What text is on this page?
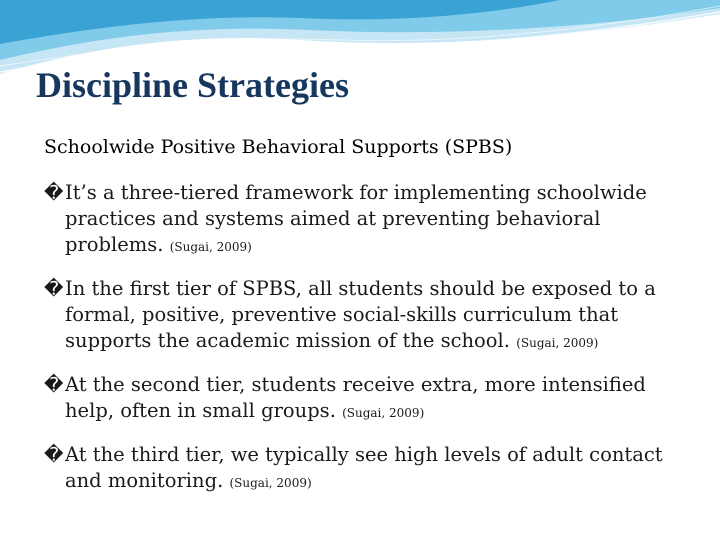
Discipline Strategies

Schoolwide Positive Behavioral Supports (SPBS)

� It’s a three-tiered framework for implementing schoolwide practices and systems aimed at preventing behavioral problems. (Sugai, 2009)
� In the first tier of SPBS, all students should be exposed to a formal, positive, preventive social-skills curriculum that supports the academic mission of the school. (Sugai, 2009)
� At the second tier, students receive extra, more intensified help, often in small groups. (Sugai, 2009)
� At the third tier, we typically see high levels of adult contact and monitoring. (Sugai, 2009)
